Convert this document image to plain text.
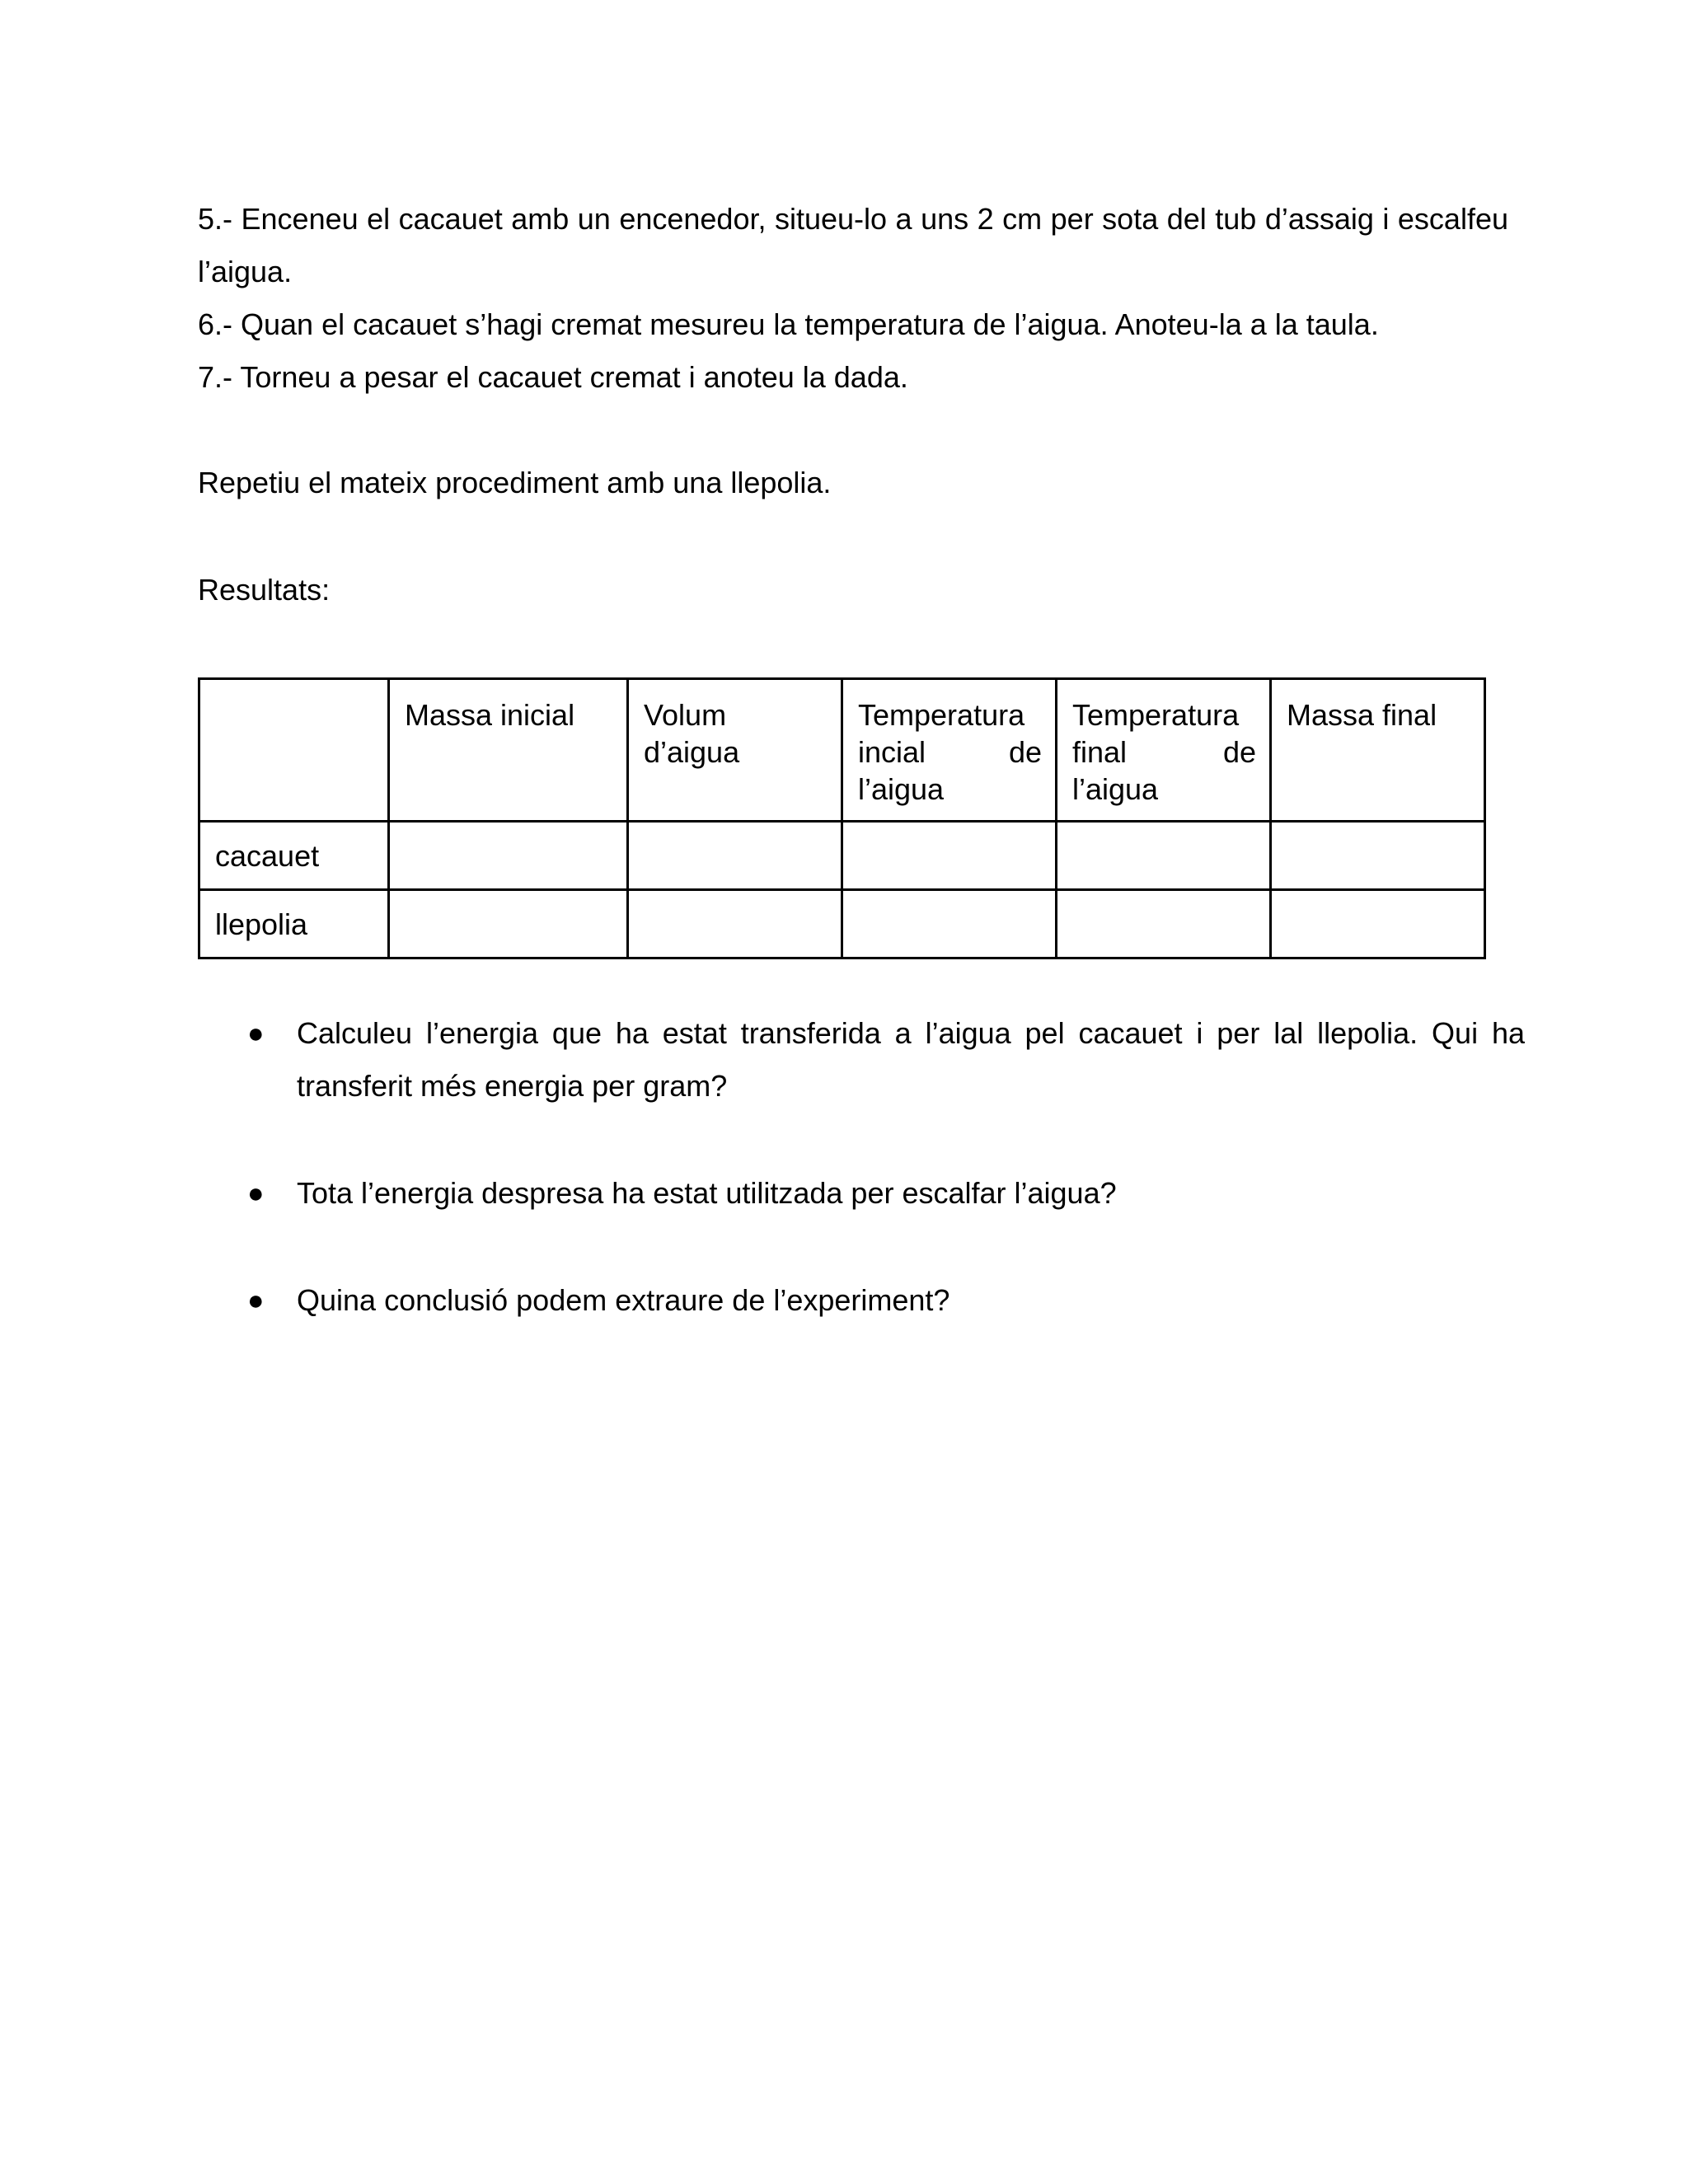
5.- Enceneu el cacauet amb un encenedor, situeu-lo a uns 2 cm per sota del tub d’assaig i escalfeu l’aigua.

6.- Quan el cacauet s’hagi cremat mesureu la temperatura de l’aigua. Anoteu-la a la taula.

7.- Torneu a pesar el cacauet cremat i anoteu la dada.

Repetiu el mateix procediment amb una llepolia.

Resultats:

	Massa inicial	Volum d’aigua	Temperatura incial de l’aigua	Temperatura final de l’aigua	Massa final

cacauet					
llepolia					
●	Calculeu l’energia que ha estat transferida a l’aigua pel cacauet i per lal llepolia. Qui ha transferit més energia per gram?
●	Tota l’energia despresa ha estat utilitzada per escalfar l’aigua?
●	Quina conclusió podem extraure de l’experiment?
